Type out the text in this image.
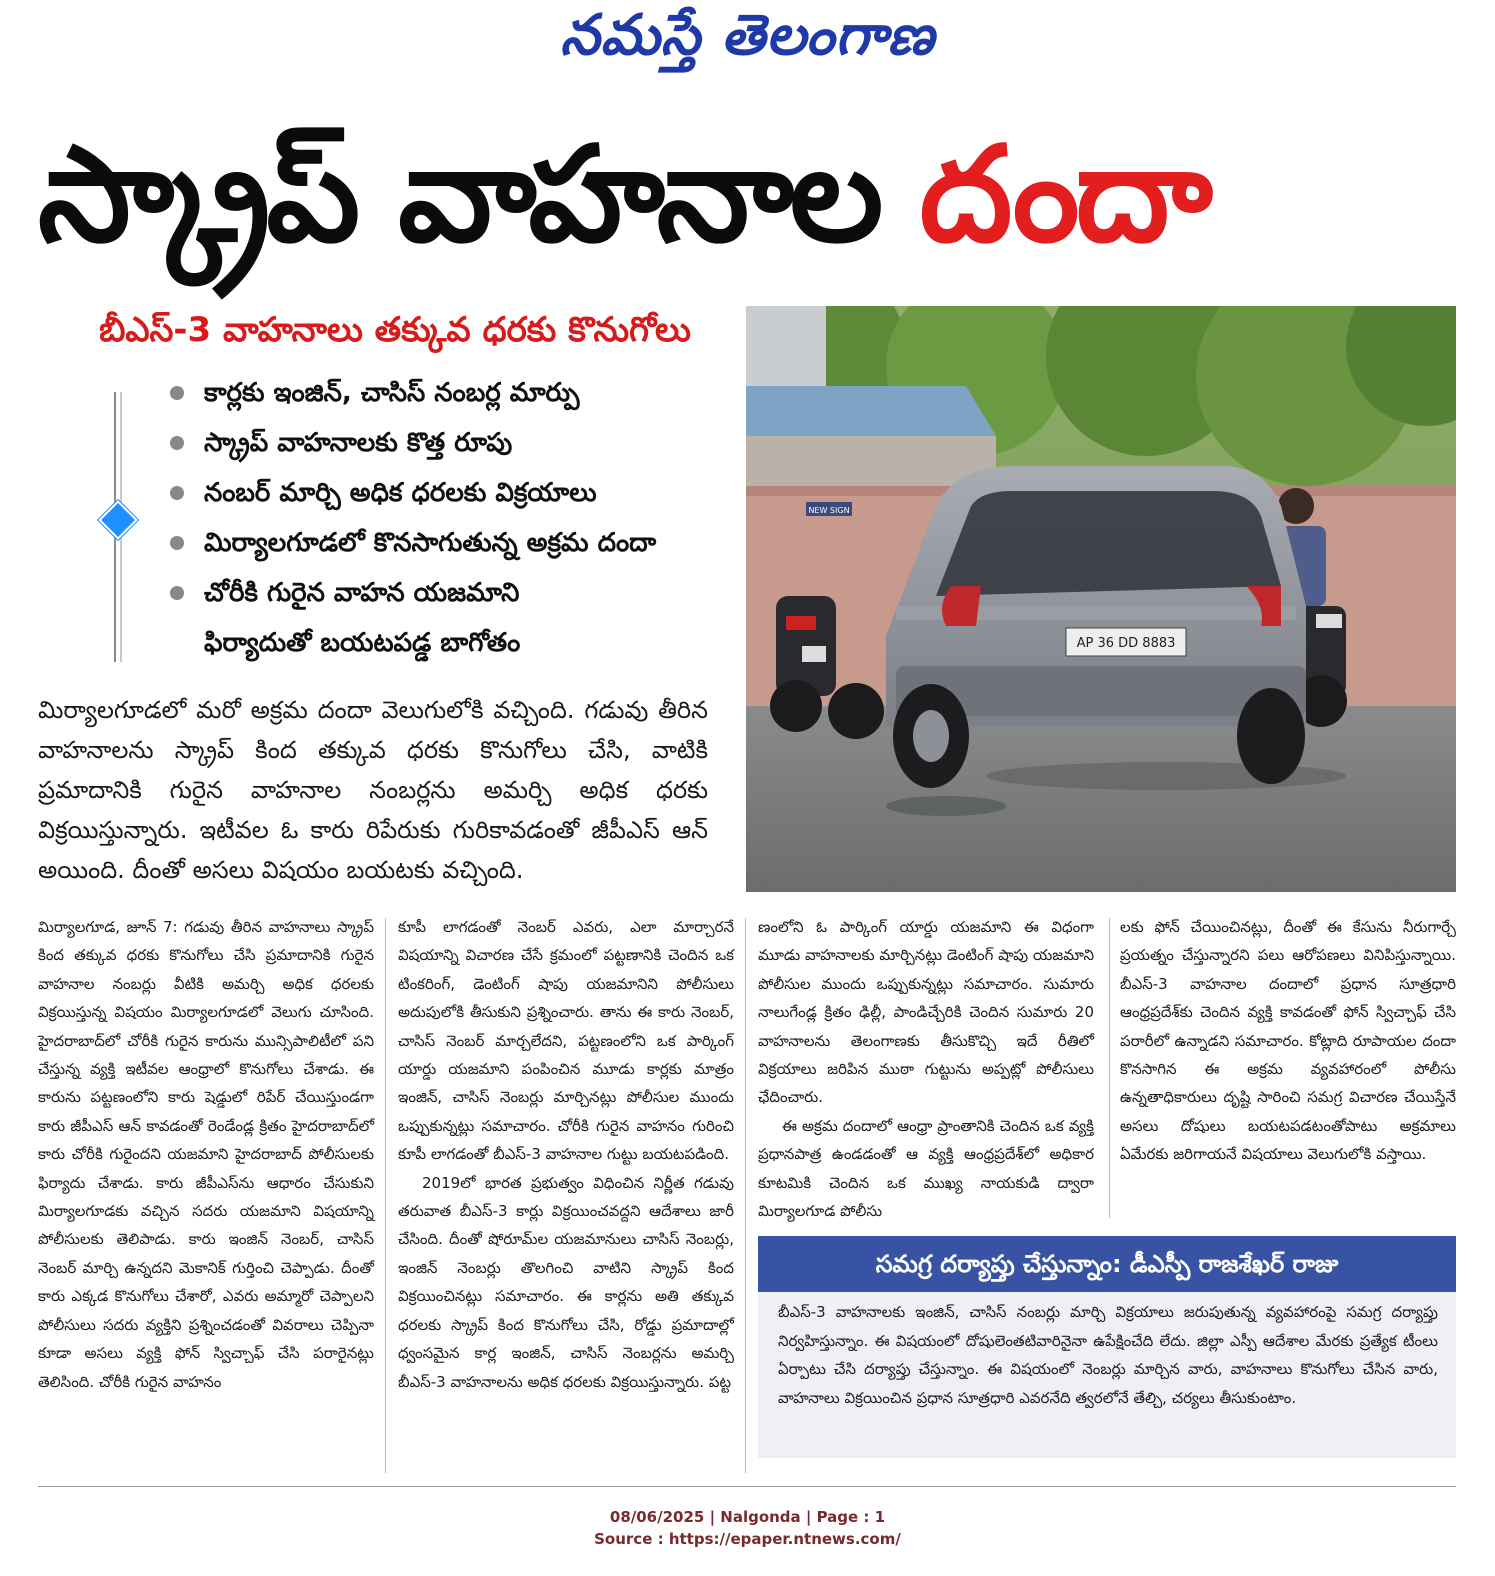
నమస్తే తెలంగాణ
స్క్రాప్ వాహనాల దందా
బీఎస్-3 వాహనాలు తక్కువ ధరకు కొనుగోలు
కార్లకు ఇంజిన్, చాసిస్ నంబర్ల మార్పు
స్క్రాప్ వాహనాలకు కొత్త రూపు
నంబర్ మార్చి అధిక ధరలకు విక్రయాలు
మిర్యాలగూడలో కొనసాగుతున్న అక్రమ దందా
చోరీకి గురైన వాహన యజమాని
ఫిర్యాదుతో బయటపడ్డ బాగోతం
NEW SIGN
AP 36 DD 8883
మిర్యాలగూడలో మరో అక్రమ దందా వెలుగులోకి వచ్చింది. గడువు తీరిన వాహనాలను స్క్రాప్ కింద తక్కువ ధరకు కొనుగోలు చేసి, వాటికి ప్రమాదానికి గురైన వాహనాల నంబర్లను అమర్చి అధిక ధరకు విక్రయిస్తున్నారు. ఇటీవల ఓ కారు రిపేరుకు గురికావడంతో జీపీఎస్ ఆన్ అయింది. దీంతో అసలు విషయం బయటకు వచ్చింది.

మిర్యాలగూడ, జూన్ 7: గడువు తీరిన వాహనాలు స్క్రాప్ కింద తక్కువ ధరకు కొనుగోలు చేసి ప్రమాదానికి గురైన వాహనాల నంబర్లు వీటికి అమర్చి అధిక ధరలకు విక్రయిస్తున్న విషయం మిర్యాలగూడలో వెలుగు చూసింది. హైదరాబాద్‌లో చోరీకి గురైన కారును మున్సిపాలిటీలో పని చేస్తున్న వ్యక్తి ఇటీవల ఆంధ్రాలో కొనుగోలు చేశాడు. ఈ కారును పట్టణంలోని కారు షెడ్డులో రిపేర్ చేయిస్తుండగా కారు జీపీఎస్ ఆన్ కావడంతో రెండేండ్ల క్రితం హైదరాబాద్‌లో కారు చోరీకి గురైందని యజమాని హైదరాబాద్ పోలీసులకు ఫిర్యాదు చేశాడు. కారు జీపీఎస్‌ను ఆధారం చేసుకుని మిర్యాలగూడకు వచ్చిన సదరు యజమాని విషయాన్ని పోలీసులకు తెలిపాడు. కారు ఇంజిన్ నెంబర్, చాసిస్ నెంబర్ మార్చి ఉన్నదని మెకానిక్ గుర్తించి చెప్పాడు. దీంతో కారు ఎక్కడ కొనుగోలు చేశారో, ఎవరు అమ్మారో చెప్పాలని పోలీసులు సదరు వ్యక్తిని ప్రశ్నించడంతో వివరాలు చెప్పినా కూడా అసలు వ్యక్తి ఫోన్ స్విచ్చాఫ్ చేసి పరారైనట్లు తెలిసింది. చోరీకి గురైన వాహనం

కూపీ లాగడంతో నెంబర్ ఎవరు, ఎలా మార్చారనే విషయాన్ని విచారణ చేసే క్రమంలో పట్టణానికి చెందిన ఒక టింకరింగ్, డెంటింగ్ షాపు యజమానిని పోలీసులు అదుపులోకి తీసుకుని ప్రశ్నించారు. తాను ఈ కారు నెంబర్, చాసిస్ నెంబర్ మార్చలేదని, పట్టణంలోని ఒక పార్కింగ్ యార్డు యజమాని పంపించిన మూడు కార్లకు మాత్రం ఇంజిన్, చాసిస్ నెంబర్లు మార్చినట్లు పోలీసుల ముందు ఒప్పుకున్నట్లు సమాచారం. చోరీకి గురైన వాహనం గురించి కూపీ లాగడంతో బీఎస్-3 వాహనాల గుట్టు బయటపడింది.

2019లో భారత ప్రభుత్వం విధించిన నిర్ణీత గడువు తరువాత బీఎస్-3 కార్లు విక్రయించవద్దని ఆదేశాలు జారీ చేసింది. దీంతో షోరూమ్‌ల యజమానులు చాసిస్ నెంబర్లు, ఇంజిన్ నెంబర్లు తొలగించి వాటిని స్క్రాప్ కింద విక్రయించినట్లు సమాచారం. ఈ కార్లను అతి తక్కువ ధరలకు స్క్రాప్ కింద కొనుగోలు చేసి, రోడ్డు ప్రమాదాల్లో ధ్వంసమైన కార్ల ఇంజిన్, చాసిస్ నెంబర్లను అమర్చి బీఎస్-3 వాహనాలను అధిక ధరలకు విక్రయిస్తున్నారు. పట్ట

ణంలోని ఓ పార్కింగ్ యార్డు యజమాని ఈ విధంగా మూడు వాహనాలకు మార్చినట్లు డెంటింగ్ షాపు యజమాని పోలీసుల ముందు ఒప్పుకున్నట్లు సమాచారం. సుమారు నాలుగేండ్ల క్రితం ఢిల్లీ, పాండిచ్చేరికి చెందిన సుమారు 20 వాహనాలను తెలంగాణకు తీసుకొచ్చి ఇదే రీతిలో విక్రయాలు జరిపిన ముఠా గుట్టును అప్పట్లో పోలీసులు ఛేదించారు.

ఈ అక్రమ దందాలో ఆంధ్రా ప్రాంతానికి చెందిన ఒక వ్యక్తి ప్రధానపాత్ర ఉండడంతో ఆ వ్యక్తి ఆంధ్రప్రదేశ్‌లో అధికార కూటమికి చెందిన ఒక ముఖ్య నాయకుడి ద్వారా మిర్యాలగూడ పోలీసు

లకు ఫోన్ చేయించినట్లు, దీంతో ఈ కేసును నీరుగార్చే ప్రయత్నం చేస్తున్నారని పలు ఆరోపణలు వినిపిస్తున్నాయి. బీఎస్-3 వాహనాల దందాలో ప్రధాన సూత్రధారి ఆంధ్రప్రదేశ్‌కు చెందిన వ్యక్తి కావడంతో ఫోన్ స్విచ్చాఫ్ చేసి పరారీలో ఉన్నాడని సమాచారం. కోట్లాది రూపాయల దందా కొనసాగిన ఈ అక్రమ వ్యవహారంలో పోలీసు ఉన్నతాధికారులు దృష్టి సారించి సమగ్ర విచారణ చేయిస్తేనే అసలు దోషులు బయటపడటంతోపాటు అక్రమాలు ఏమేరకు జరిగాయనే విషయాలు వెలుగులోకి వస్తాయి.

సమగ్ర దర్యాప్తు చేస్తున్నాం: డీఎస్పీ రాజశేఖర్ రాజు
బీఎస్-3 వాహనాలకు ఇంజిన్, చాసిస్ నంబర్లు మార్చి విక్రయాలు జరుపుతున్న వ్యవహారంపై సమగ్ర దర్యాప్తు నిర్వహిస్తున్నాం. ఈ విషయంలో దోషులెంతటివారినైనా ఉపేక్షించేది లేదు. జిల్లా ఎస్పీ ఆదేశాల మేరకు ప్రత్యేక టీంలు ఏర్పాటు చేసి దర్యాప్తు చేస్తున్నాం. ఈ విషయంలో నెంబర్లు మార్చిన వారు, వాహనాలు కొనుగోలు చేసిన వారు, వాహనాలు విక్రయించిన ప్రధాన సూత్రధారి ఎవరనేది త్వరలోనే తేల్చి, చర్యలు తీసుకుంటాం.
08/06/2025 | Nalgonda | Page : 1
Source : https://epaper.ntnews.com/
